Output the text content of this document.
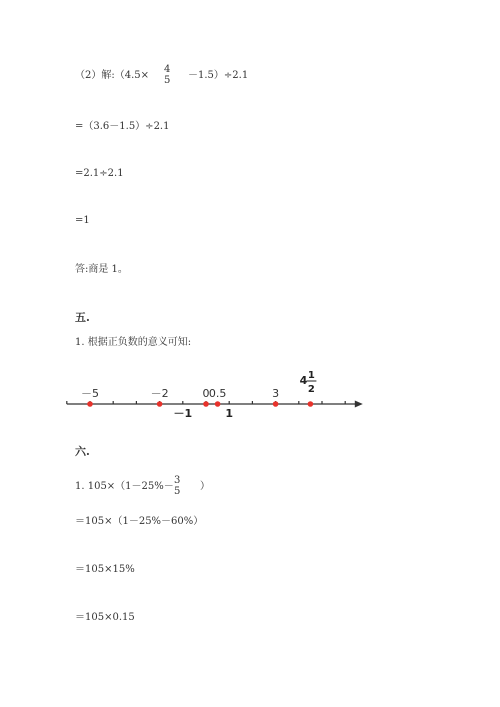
（2）解:（4.5×
4
5 －1.5）÷2.1
=（3.6－1.5）÷2.1
=2.1÷2.1
=1
答:商是 1。
五.
1. 根据正负数的意义可知:
－5	－2
－1
0 0.5
1
3
4 1
2
六.
1. 105×（1－25%－
3
5 ）
＝105×（1－25%－60%）
＝105×15%
＝105×0.15
